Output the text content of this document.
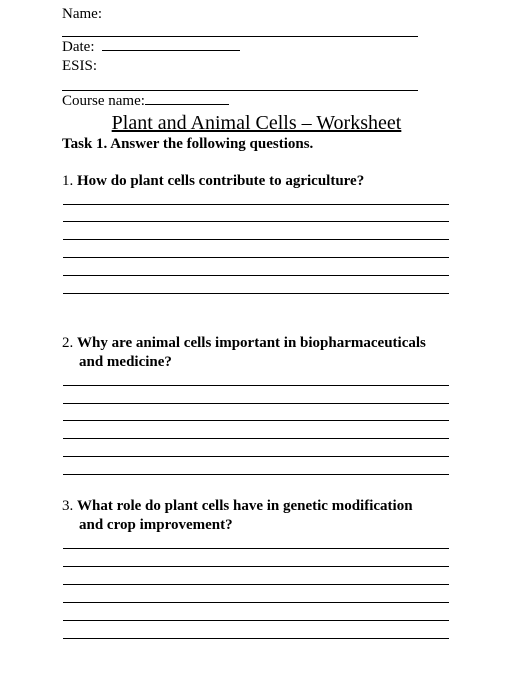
Name:
Date:
ESIS:
Course name:
Plant and Animal Cells – Worksheet
Task 1. Answer the following questions.
1. How do plant cells contribute to agriculture?
2. Why are animal cells important in biopharmaceuticals
and medicine?
3. What role do plant cells have in genetic modification
and crop improvement?
